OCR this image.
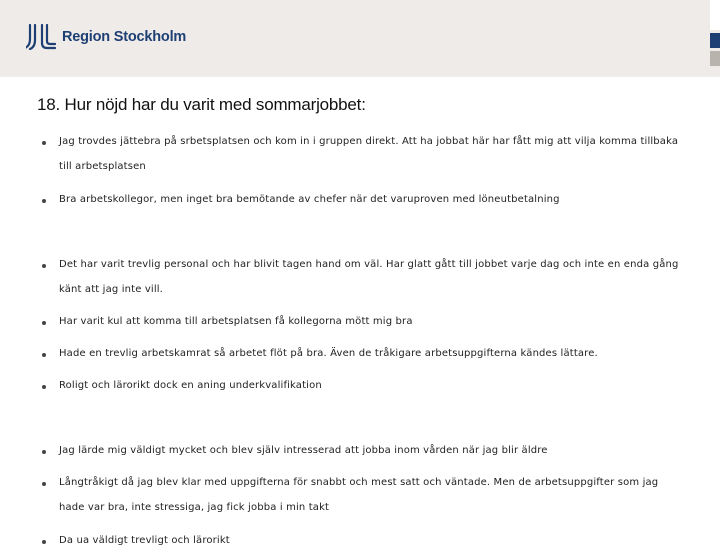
Region Stockholm
18. Hur nöjd har du varit med sommarjobbet:
Jag trovdes jättebra på srbetsplatsen och kom in i gruppen direkt. Att ha jobbat här har fått mig att vilja komma tillbaka till arbetsplatsen
Bra arbetskollegor, men inget bra bemötande av chefer när det varuproven med löneutbetalning
Det har varit trevlig personal och har blivit tagen hand om väl. Har glatt gått till jobbet varje dag och inte en enda gång känt att jag inte vill.
Har varit kul att komma till arbetsplatsen få kollegorna mött mig bra
Hade en trevlig arbetskamrat så arbetet flöt på bra. Även de tråkigare arbetsuppgifterna kändes lättare.
Roligt och lärorikt dock en aning underkvalifikation
Jag lärde mig väldigt mycket och blev själv intresserad att jobba inom vården när jag blir äldre
Långtråkigt då jag blev klar med uppgifterna för snabbt och mest satt och väntade. Men de arbetsuppgifter som jag hade var bra, inte stressiga, jag fick jobba i min takt
Da ua väldigt trevligt och lärorikt
